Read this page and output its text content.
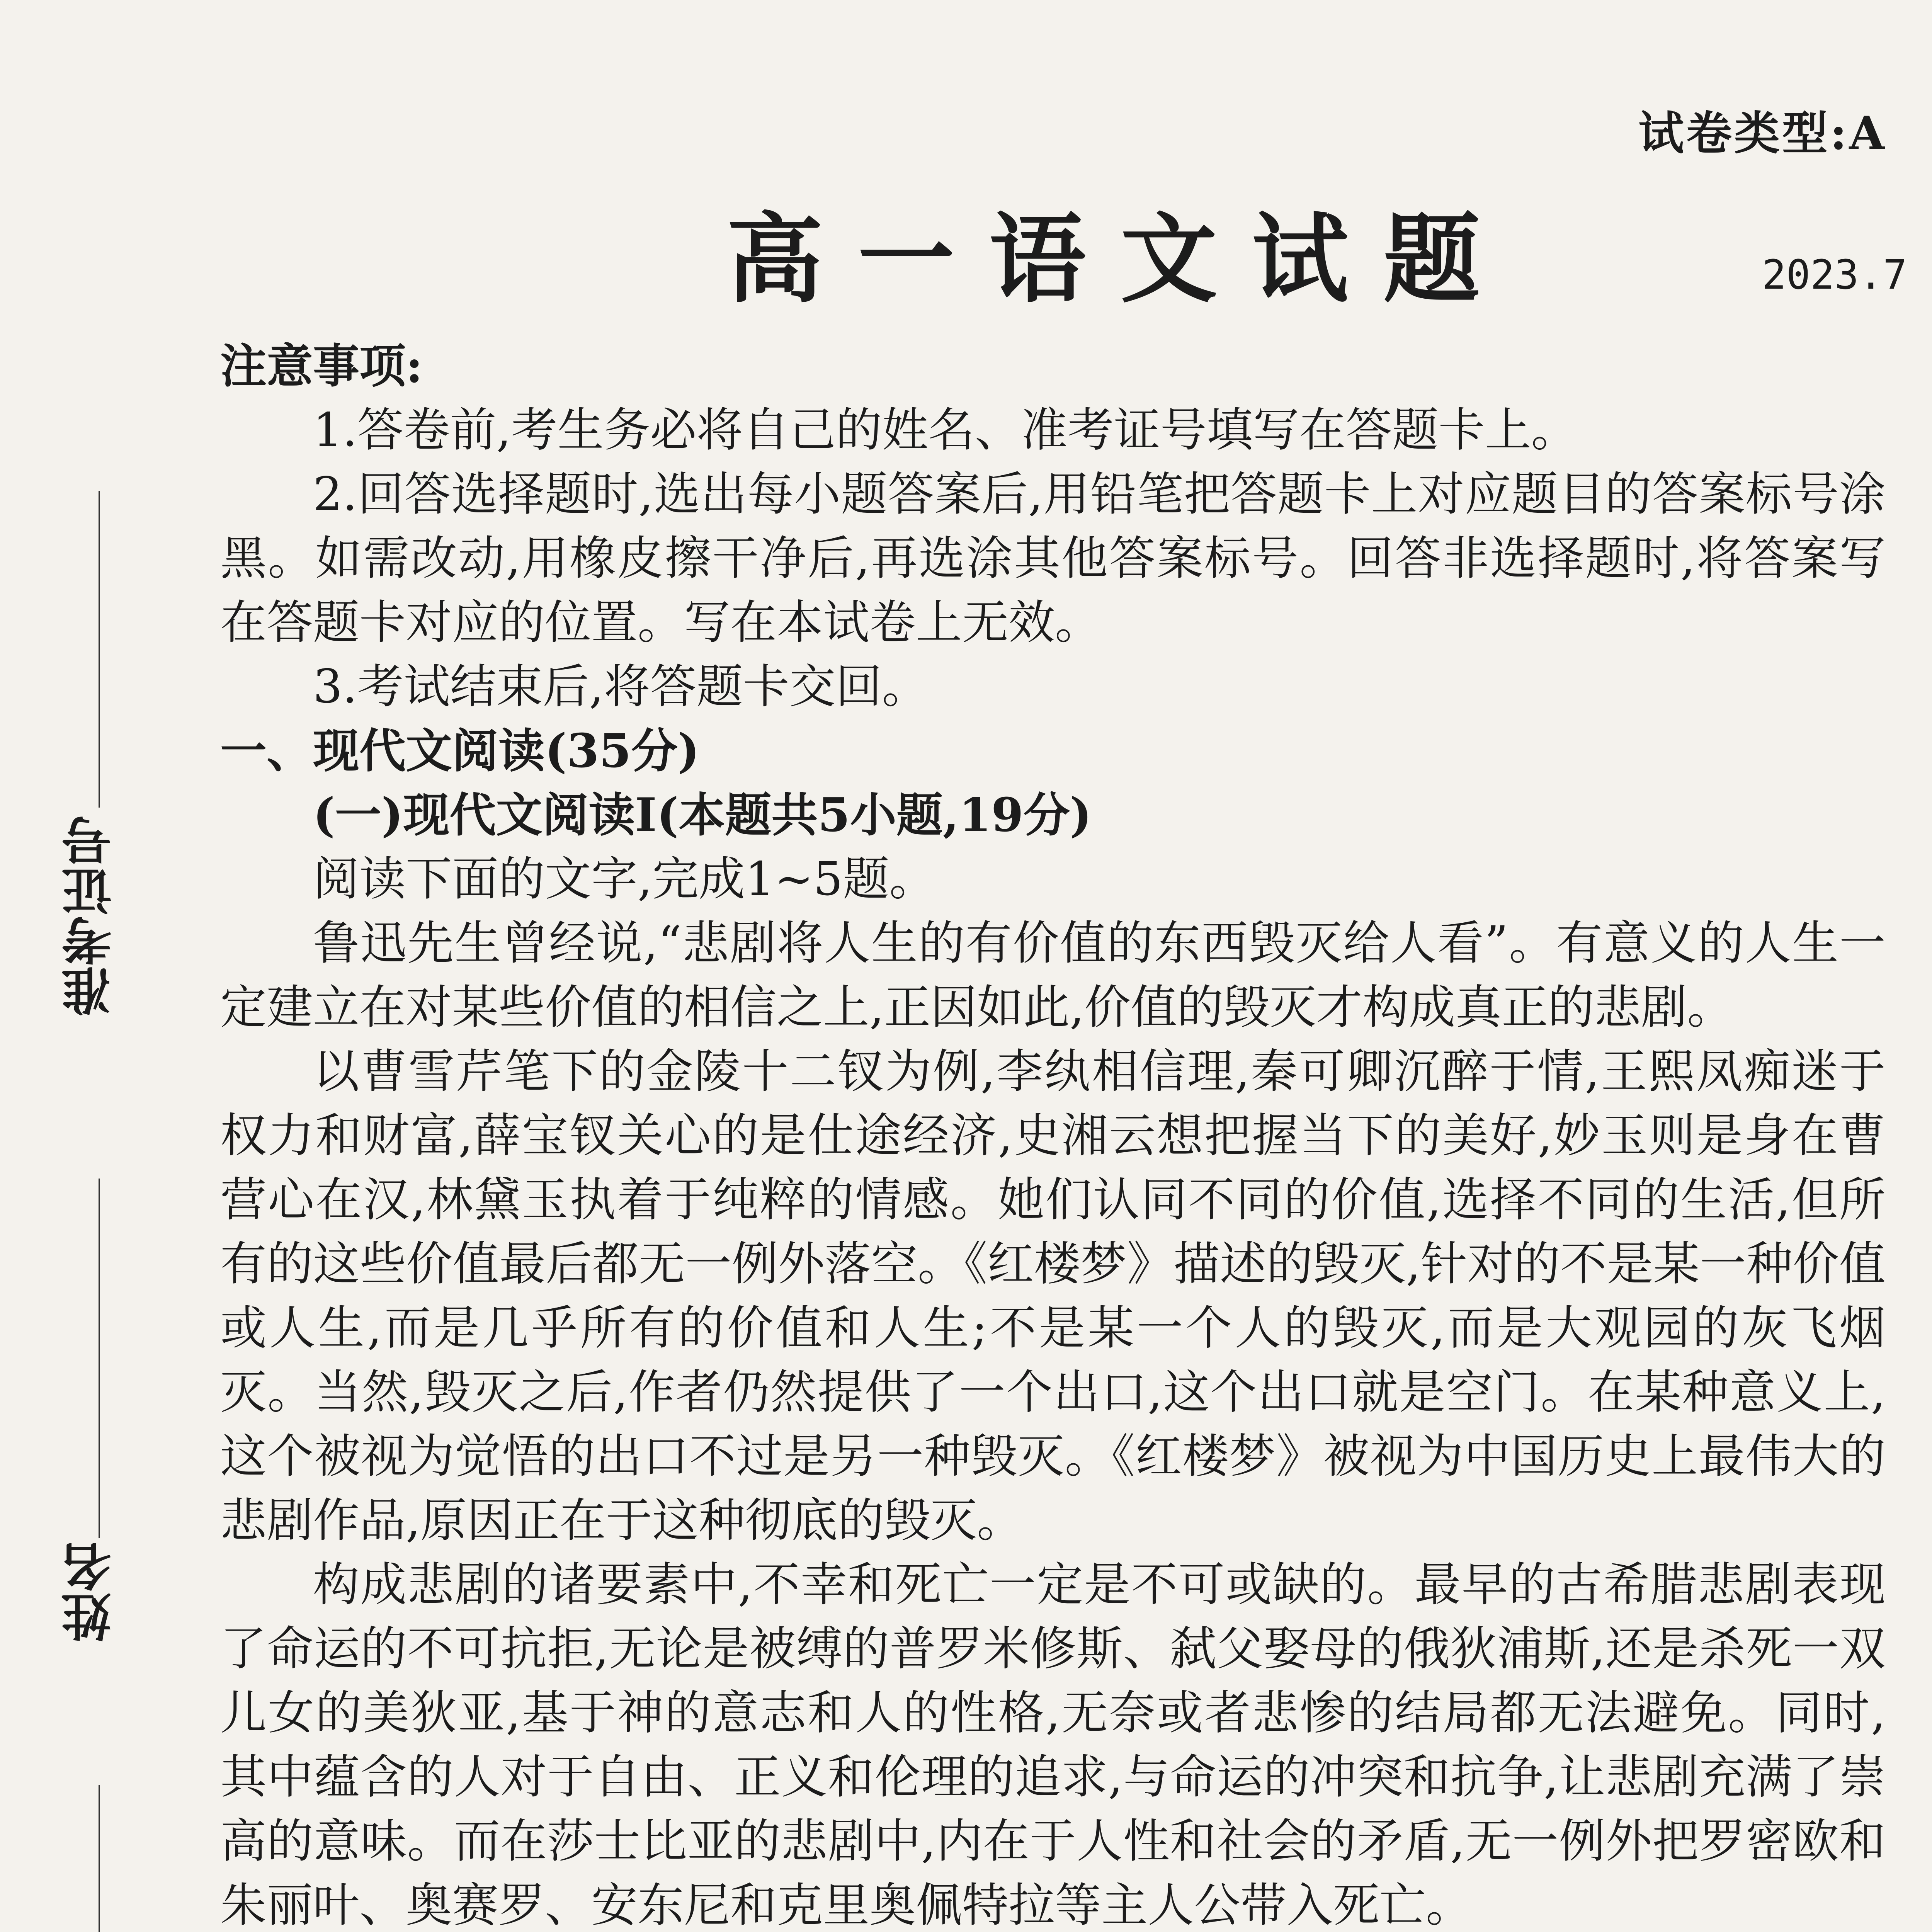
试卷类型:A
高一语文试题	2023.7
准考证号
姓名

注意事项:

1.答卷前,考生务必将自己的姓名、准考证号填写在答题卡上。

2.回答选择题时,选出每小题答案后,用铅笔把答题卡上对应题目的答案标号涂黑。如需改动,用橡皮擦干净后,再选涂其他答案标号。回答非选择题时,将答案写在答题卡对应的位置。写在本试卷上无效。

3.考试结束后,将答题卡交回。

一、现代文阅读(35分)

(一)现代文阅读Ⅰ(本题共5小题,19分)

阅读下面的文字,完成1~5题。

鲁迅先生曾经说,“悲剧将人生的有价值的东西毁灭给人看”。有意义的人生一定建立在对某些价值的相信之上,正因如此,价值的毁灭才构成真正的悲剧。

以曹雪芹笔下的金陵十二钗为例,李纨相信理,秦可卿沉醉于情,王熙凤痴迷于权力和财富,薛宝钗关心的是仕途经济,史湘云想把握当下的美好,妙玉则是身在曹营心在汉,林黛玉执着于纯粹的情感。她们认同不同的价值,选择不同的生活,但所有的这些价值最后都无一例外落空。《红楼梦》描述的毁灭,针对的不是某一种价值或人生,而是几乎所有的价值和人生;不是某一个人的毁灭,而是大观园的灰飞烟灭。当然,毁灭之后,作者仍然提供了一个出口,这个出口就是空门。在某种意义上,这个被视为觉悟的出口不过是另一种毁灭。《红楼梦》被视为中国历史上最伟大的悲剧作品,原因正在于这种彻底的毁灭。

构成悲剧的诸要素中,不幸和死亡一定是不可或缺的。最早的古希腊悲剧表现了命运的不可抗拒,无论是被缚的普罗米修斯、弑父娶母的俄狄浦斯,还是杀死一双儿女的美狄亚,基于神的意志和人的性格,无奈或者悲惨的结局都无法避免。同时,其中蕴含的人对于自由、正义和伦理的追求,与命运的冲突和抗争,让悲剧充满了崇高的意味。而在莎士比亚的悲剧中,内在于人性和社会的矛盾,无一例外把罗密欧和朱丽叶、奥赛罗、安东尼和克里奥佩特拉等主人公带入死亡。
